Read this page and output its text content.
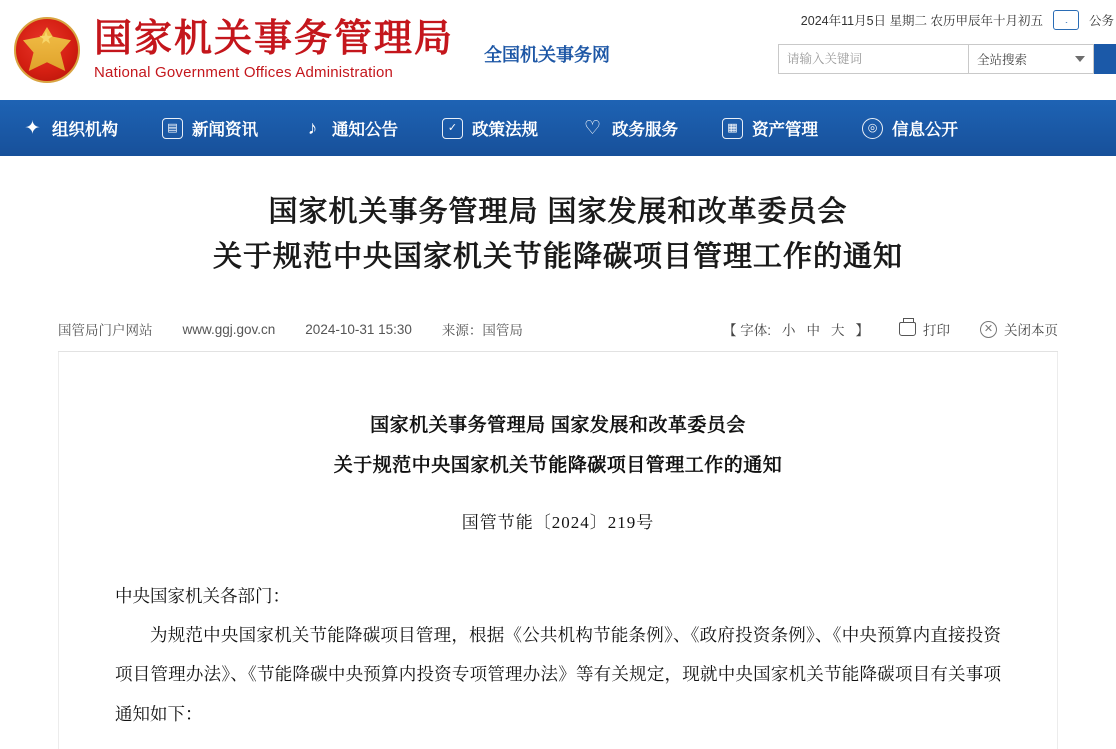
国家机关事务管理局
National Government Offices Administration
全国机关事务网
2024年11月5日 星期二 农历甲辰年十月初五	公务
请输入关键词
全站搜索
✦ 组织机构	▤ 新闻资讯	♪ 通知公告	✓ 政策法规 ♡ 政务服务	▦ 资产管理	◎ 信息公开
国家机关事务管理局 国家发展和改革委员会
关于规范中央国家机关节能降碳项目管理工作的通知
国管局门户网站 www.ggj.gov.cn 2024-10-31 15:30 来源：国管局	【 字体: 小 中 大 】	打印	✕ 关闭本页
国家机关事务管理局 国家发展和改革委员会
关于规范中央国家机关节能降碳项目管理工作的通知
国管节能〔2024〕219号

中央国家机关各部门：

为规范中央国家机关节能降碳项目管理，根据《公共机构节能条例》、《政府投资条例》、《中央预算内直接投资项目管理办法》、《节能降碳中央预算内投资专项管理办法》等有关规定，现就中央国家机关节能降碳项目有关事项通知如下：
